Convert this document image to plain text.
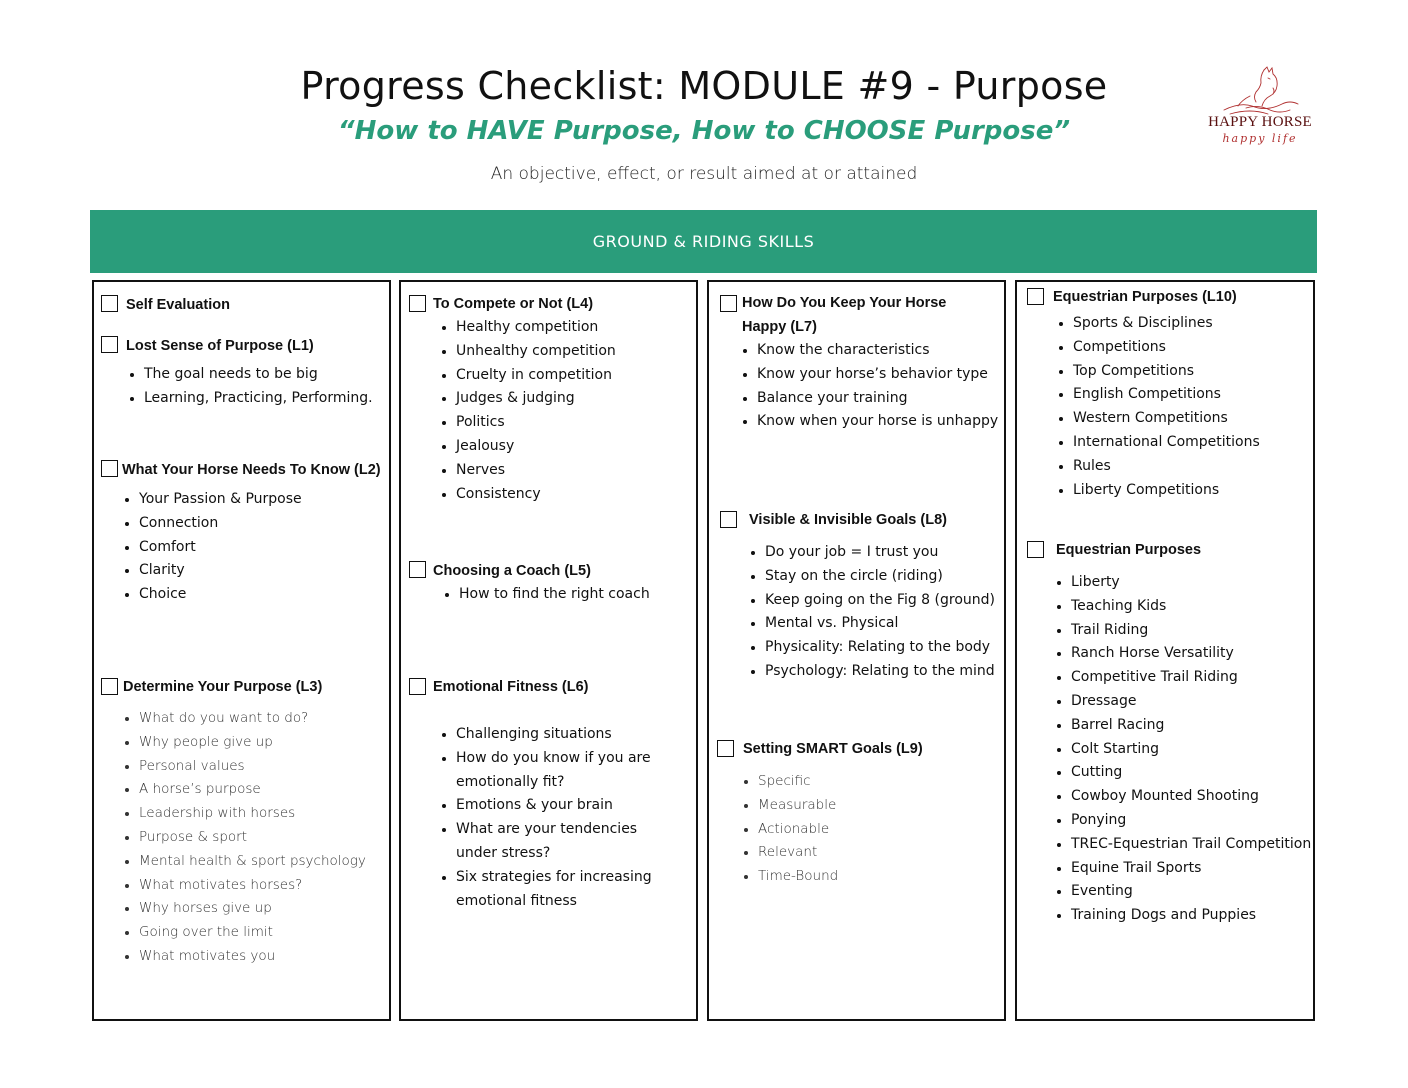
Progress Checklist: MODULE #9 - Purpose
“How to HAVE Purpose, How to CHOOSE Purpose”
An objective, effect, or result aimed at or attained
HAPPY HORSE
happy life
GROUND & RIDING SKILLS
Self Evaluation
Lost Sense of Purpose (L1)
• The goal needs to be big
• Learning, Practicing, Performing.
What Your Horse Needs To Know (L2)
• Your Passion & Purpose
• Connection
• Comfort
• Clarity
• Choice
Determine Your Purpose (L3)
• What do you want to do?
• Why people give up
• Personal values
• A horse’s purpose
• Leadership with horses
• Purpose & sport
• Mental health & sport psychology
• What motivates horses?
• Why horses give up
• Going over the limit
• What motivates you
To Compete or Not (L4)
• Healthy competition
• Unhealthy competition
• Cruelty in competition
• Judges & judging
• Politics
• Jealousy
• Nerves
• Consistency
Choosing a Coach (L5)
• How to find the right coach
Emotional Fitness (L6)
• Challenging situations
• How do you know if you are emotionally fit?
• Emotions & your brain
• What are your tendencies under stress?
• Six strategies for increasing emotional fitness
How Do You Keep Your Horse Happy (L7)
• Know the characteristics
• Know your horse’s behavior type
• Balance your training
• Know when your horse is unhappy
Visible & Invisible Goals (L8)
• Do your job = I trust you
• Stay on the circle (riding)
• Keep going on the Fig 8 (ground)
• Mental vs. Physical
• Physicality: Relating to the body
• Psychology: Relating to the mind
Setting SMART Goals (L9)
• Specific
• Measurable
• Actionable
• Relevant
• Time-Bound
Equestrian Purposes (L10)
• Sports & Disciplines
• Competitions
• Top Competitions
• English Competitions
• Western Competitions
• International Competitions
• Rules
• Liberty Competitions
Equestrian Purposes
• Liberty
• Teaching Kids
• Trail Riding
• Ranch Horse Versatility
• Competitive Trail Riding
• Dressage
• Barrel Racing
• Colt Starting
• Cutting
• Cowboy Mounted Shooting
• Ponying
• TREC-Equestrian Trail Competition
• Equine Trail Sports
• Eventing
• Training Dogs and Puppies
